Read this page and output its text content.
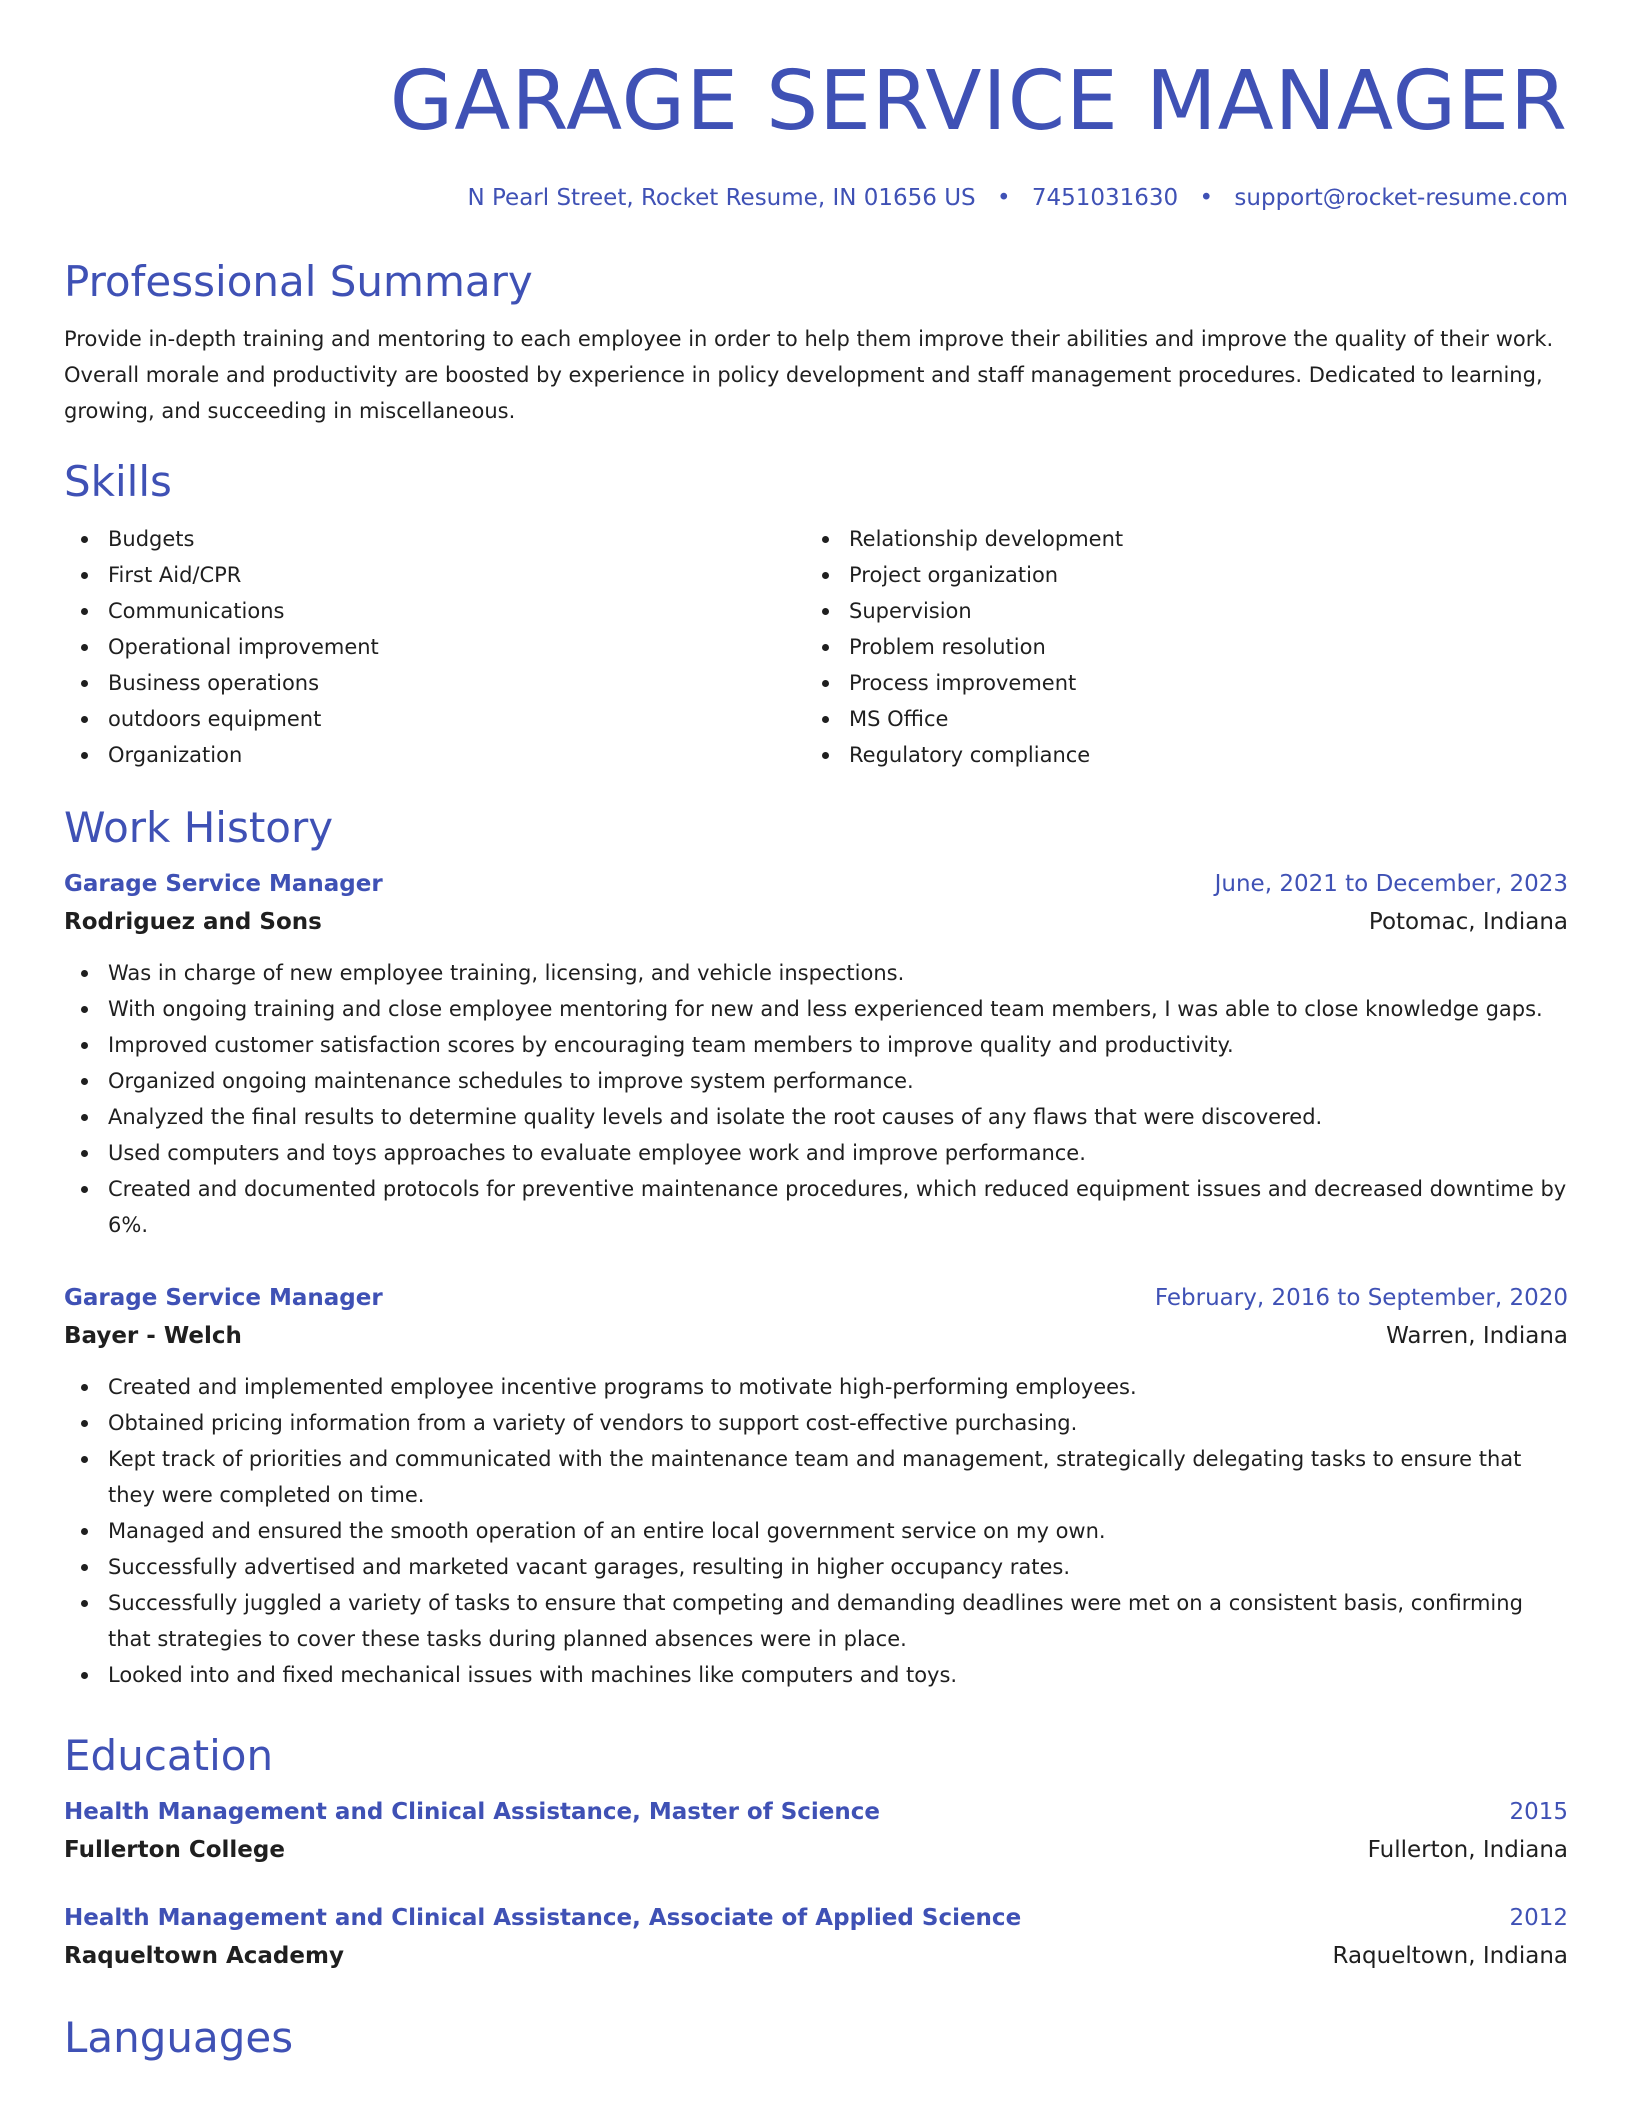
GARAGE SERVICE MANAGER
N Pearl Street, Rocket Resume, IN 01656 US • 7451031630 • support@rocket-resume.com
Professional Summary

Provide in-depth training and mentoring to each employee in order to help them improve their abilities and improve the quality of their work. Overall morale and productivity are boosted by experience in policy development and staff management procedures. Dedicated to learning, growing, and succeeding in miscellaneous.

Skills
Budgets
First Aid/CPR
Communications
Operational improvement
Business operations
outdoors equipment
Organization
Relationship development
Project organization
Supervision
Problem resolution
Process improvement
MS Office
Regulatory compliance
Work History
Garage Service Manager	June, 2021 to December, 2023
Rodriguez and Sons	Potomac, Indiana
Was in charge of new employee training, licensing, and vehicle inspections.
With ongoing training and close employee mentoring for new and less experienced team members, I was able to close knowledge gaps.
Improved customer satisfaction scores by encouraging team members to improve quality and productivity.
Organized ongoing maintenance schedules to improve system performance.
Analyzed the final results to determine quality levels and isolate the root causes of any flaws that were discovered.
Used computers and toys approaches to evaluate employee work and improve performance.
Created and documented protocols for preventive maintenance procedures, which reduced equipment issues and decreased downtime by 6%.
Garage Service Manager	February, 2016 to September, 2020
Bayer - Welch	Warren, Indiana
Created and implemented employee incentive programs to motivate high-performing employees.
Obtained pricing information from a variety of vendors to support cost-effective purchasing.
Kept track of priorities and communicated with the maintenance team and management, strategically delegating tasks to ensure that they were completed on time.
Managed and ensured the smooth operation of an entire local government service on my own.
Successfully advertised and marketed vacant garages, resulting in higher occupancy rates.
Successfully juggled a variety of tasks to ensure that competing and demanding deadlines were met on a consistent basis, confirming that strategies to cover these tasks during planned absences were in place.
Looked into and fixed mechanical issues with machines like computers and toys.
Education
Health Management and Clinical Assistance, Master of Science	2015
Fullerton College	Fullerton, Indiana
Health Management and Clinical Assistance, Associate of Applied Science	2012
Raqueltown Academy	Raqueltown, Indiana
Languages
